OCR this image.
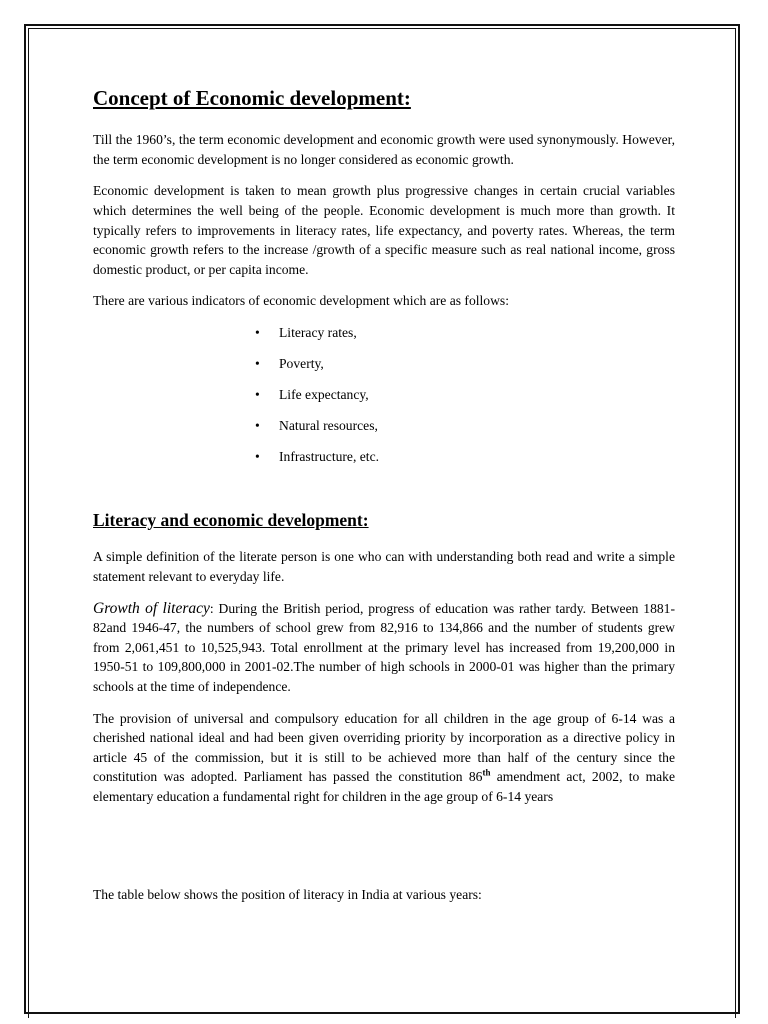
Concept of Economic development:

Till the 1960’s, the term economic development and economic growth were used synonymously. However, the term economic development is no longer considered as economic growth.

Economic development is taken to mean growth plus progressive changes in certain crucial variables which determines the well being of the people. Economic development is much more than growth. It typically refers to improvements in literacy rates, life expectancy, and poverty rates. Whereas, the term economic growth refers to the increase /growth of a specific measure such as real national income, gross domestic product, or per capita income.

There are various indicators of economic development which are as follows:

• Literacy rates,
• Poverty,
• Life expectancy,
• Natural resources,
• Infrastructure, etc.
Literacy and economic development:

A simple definition of the literate person is one who can with understanding both read and write a simple statement relevant to everyday life.

Growth of literacy: During the British period, progress of education was rather tardy. Between 1881-82and 1946-47, the numbers of school grew from 82,916 to 134,866 and the number of students grew from 2,061,451 to 10,525,943. Total enrollment at the primary level has increased from 19,200,000 in 1950-51 to 109,800,000 in 2001-02.The number of high schools in 2000-01 was higher than the primary schools at the time of independence.

The provision of universal and compulsory education for all children in the age group of 6-14 was a cherished national ideal and had been given overriding priority by incorporation as a directive policy in article 45 of the commission, but it is still to be achieved more than half of the century since the constitution was adopted. Parliament has passed the constitution 86th amendment act, 2002, to make elementary education a fundamental right for children in the age group of 6-14 years

The table below shows the position of literacy in India at various years:
